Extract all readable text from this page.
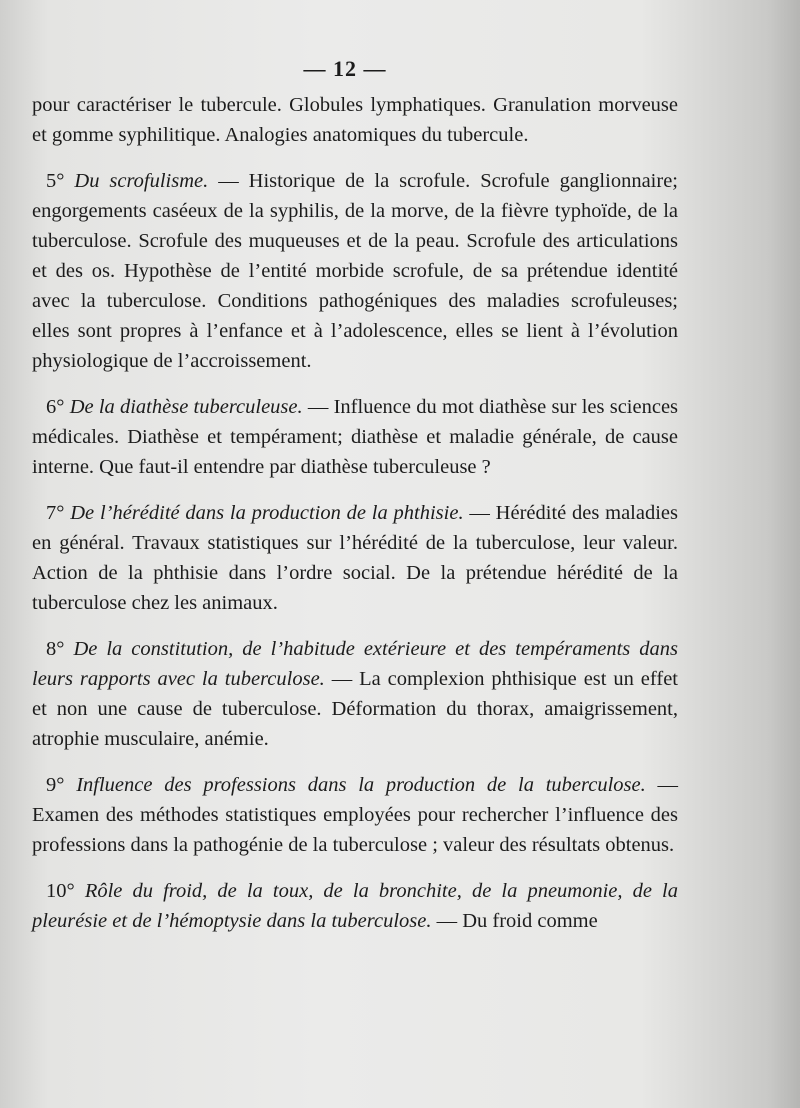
— 12 —

pour caractériser le tubercule. Globules lymphatiques. Granulation morveuse et gomme syphilitique. Analogies anatomiques du tubercule.

5° Du scrofulisme. — Historique de la scrofule. Scrofule ganglionnaire; engorgements caséeux de la syphilis, de la morve, de la fièvre typhoïde, de la tuberculose. Scrofule des muqueuses et de la peau. Scrofule des articulations et des os. Hypothèse de l’entité morbide scrofule, de sa prétendue identité avec la tuberculose. Conditions pathogéniques des maladies scrofuleuses; elles sont propres à l’enfance et à l’adolescence, elles se lient à l’évolution physiologique de l’accroissement.

6° De la diathèse tuberculeuse. — Influence du mot diathèse sur les sciences médicales. Diathèse et tempérament; diathèse et maladie générale, de cause interne. Que faut-il entendre par diathèse tuberculeuse ?

7° De l’hérédité dans la production de la phthisie. — Hérédité des maladies en général. Travaux statistiques sur l’hérédité de la tuberculose, leur valeur. Action de la phthisie dans l’ordre social. De la prétendue hérédité de la tuberculose chez les animaux.

8° De la constitution, de l’habitude extérieure et des tempéraments dans leurs rapports avec la tuberculose. — La complexion phthisique est un effet et non une cause de tuberculose. Déformation du thorax, amaigrissement, atrophie musculaire, anémie.

9° Influence des professions dans la production de la tuberculose. — Examen des méthodes statistiques employées pour rechercher l’influence des professions dans la pathogénie de la tuberculose ; valeur des résultats obtenus.

10° Rôle du froid, de la toux, de la bronchite, de la pneumonie, de la pleurésie et de l’hémoptysie dans la tuberculose. — Du froid comme
